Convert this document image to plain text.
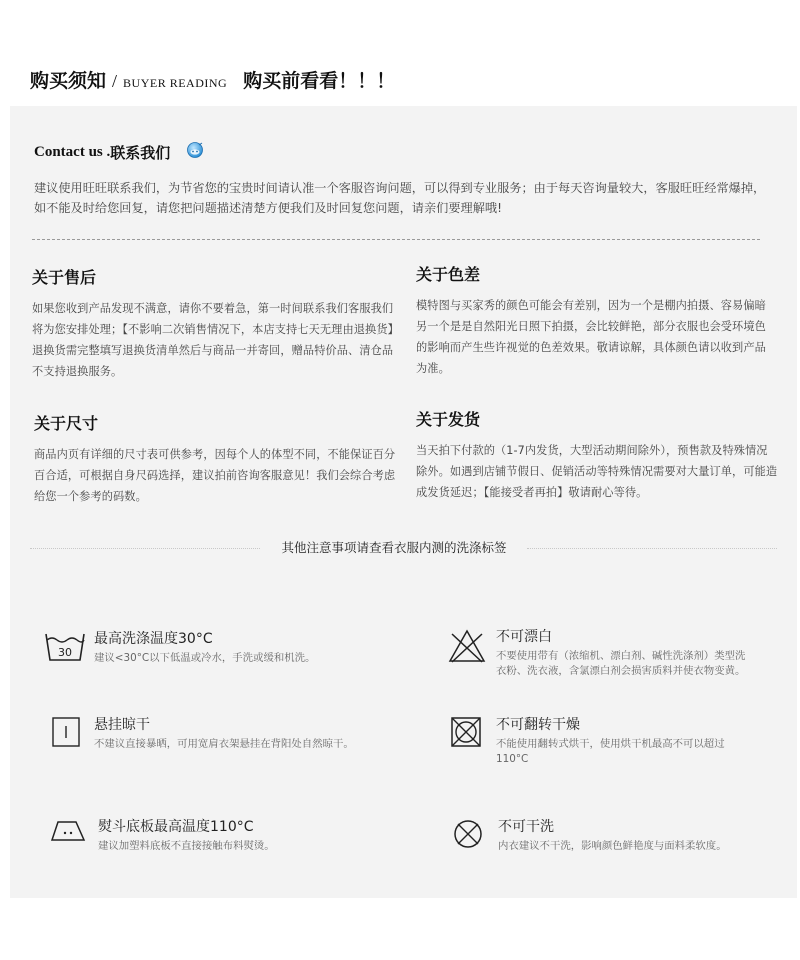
购买须知 / BUYER READING 购买前看看！！！
Contact us . 联系我们
建议使用旺旺联系我们，为节省您的宝贵时间请认准一个客服咨询问题，可以得到专业服务；由于每天咨询量较大，客服旺旺经常爆掉，如不能及时给您回复，请您把问题描述清楚方便我们及时回复您问题，请亲们要理解哦!
关于售后
如果您收到产品发现不满意，请你不要着急，第一时间联系我们客服我们将为您安排处理；【不影响二次销售情况下，本店支持七天无理由退换货】退换货需完整填写退换货清单然后与商品一并寄回，赠品特价品、清仓品不支持退换服务。
关于色差
模特图与买家秀的颜色可能会有差别，因为一个是棚内拍摄、容易偏暗另一个是是自然阳光日照下拍摄，会比较鲜艳，部分衣服也会受环境色的影响而产生些许视觉的色差效果。敬请谅解，具体颜色请以收到产品为准。
关于尺寸
商品内页有详细的尺寸表可供参考，因每个人的体型不同，不能保证百分百合适，可根据自身尺码选择，建议拍前咨询客服意见！我们会综合考虑给您一个参考的码数。
关于发货
当天拍下付款的（1-7内发货，大型活动期间除外），预售款及特殊情况除外。如遇到店铺节假日、促销活动等特殊情况需要对大量订单，可能造成发货延迟；【能接受者再拍】敬请耐心等待。
其他注意事项请查看衣服内测的洗涤标签
30
最高洗涤温度30°C
建议<30°C以下低温或冷水，手洗或缓和机洗。
不可漂白
不要使用带有（浓缩机、漂白剂、碱性洗涤剂）类型洗衣粉、洗衣液，含氯漂白剂会损害质料并使衣物变黄。
悬挂晾干
不建议直接暴晒，可用宽肩衣架悬挂在背阳处自然晾干。
不可翻转干燥
不能使用翻转式烘干，使用烘干机最高不可以超过110°C
熨斗底板最高温度110°C
建议加塑料底板不直接接触布料熨烫。
不可干洗
内衣建议不干洗，影响颜色鲜艳度与面料柔软度。
